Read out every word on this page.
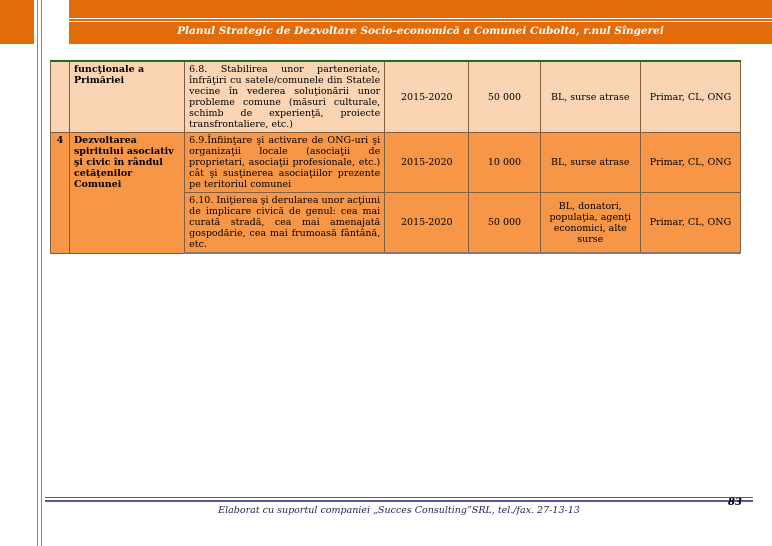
Planul Strategic de Dezvoltare Socio-economică a Comunei Cubolta, r.nul Sîngerei
	funcţionale a Primăriei	6.8. Stabilirea unor parteneriate, înfrăţiri cu satele/comunele din Statele vecine în vederea soluţionării unor probleme comune (măsuri culturale, schimb de experienţă, proiecte transfrontaliere, etc.)	2015-2020	50 000	BL, surse atrase	Primar, CL, ONG
4	Dezvoltarea spiritului asociativ şi civic în rândul cetăţenilor Comunei	6.9.Înfiinţare şi activare de ONG-uri şi organizaţii locale (asociaţii de proprietari, asociaţii profesionale, etc.) cât şi susţinerea asociaţiilor prezente pe teritoriul comunei	2015-2020	10 000	BL, surse atrase	Primar, CL, ONG
		6.10. Iniţierea şi derularea unor acţiuni de implicare civică de genul: cea mai curată stradă, cea mai amenajată gospodărie, cea mai frumoasă fântână, etc.	2015-2020	50 000	BL, donatori, populaţia, agenţi economici, alte surse	Primar, CL, ONG
Elaborat cu suportul companiei „Succes Consulting”SRL, tel./fax. 27-13-13
83
